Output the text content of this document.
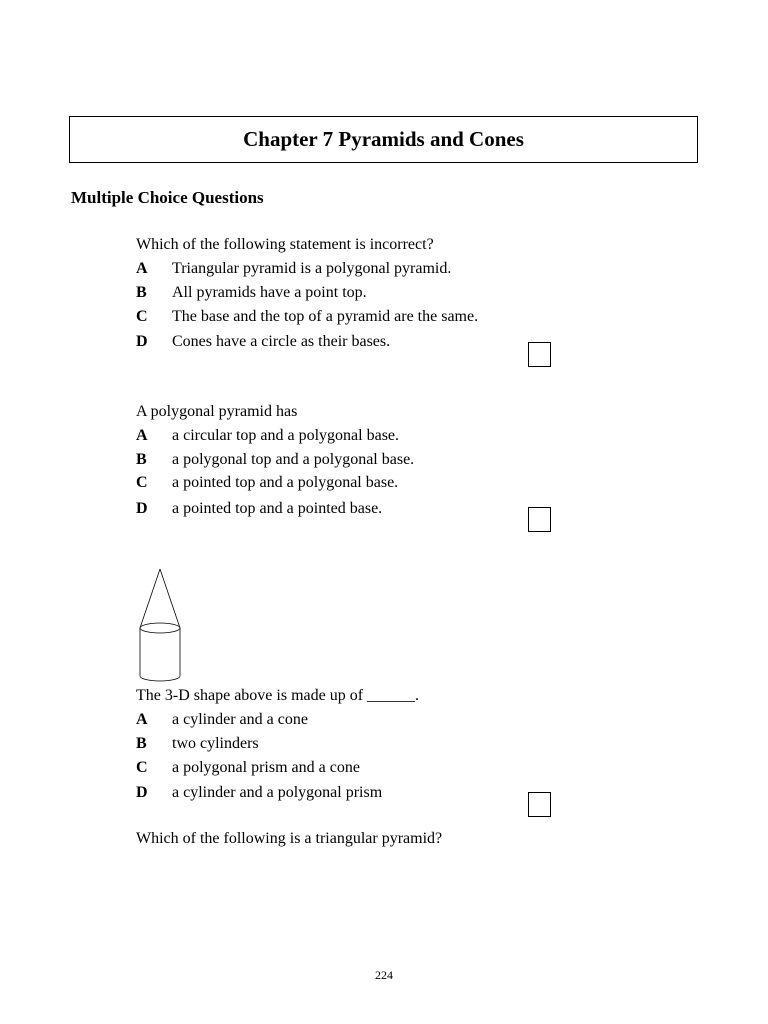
Chapter 7 Pyramids and Cones
Multiple Choice Questions
Which of the following statement is incorrect?
A Triangular pyramid is a polygonal pyramid.
B All pyramids have a point top.
C The base and the top of a pyramid are the same.
D Cones have a circle as their bases.
A polygonal pyramid has
A a circular top and a polygonal base.
B a polygonal top and a polygonal base.
C a pointed top and a polygonal base.
D a pointed top and a pointed base.
The 3-D shape above is made up of ______.
A a cylinder and a cone
B two cylinders
C a polygonal prism and a cone
D a cylinder and a polygonal prism
Which of the following is a triangular pyramid?
224
